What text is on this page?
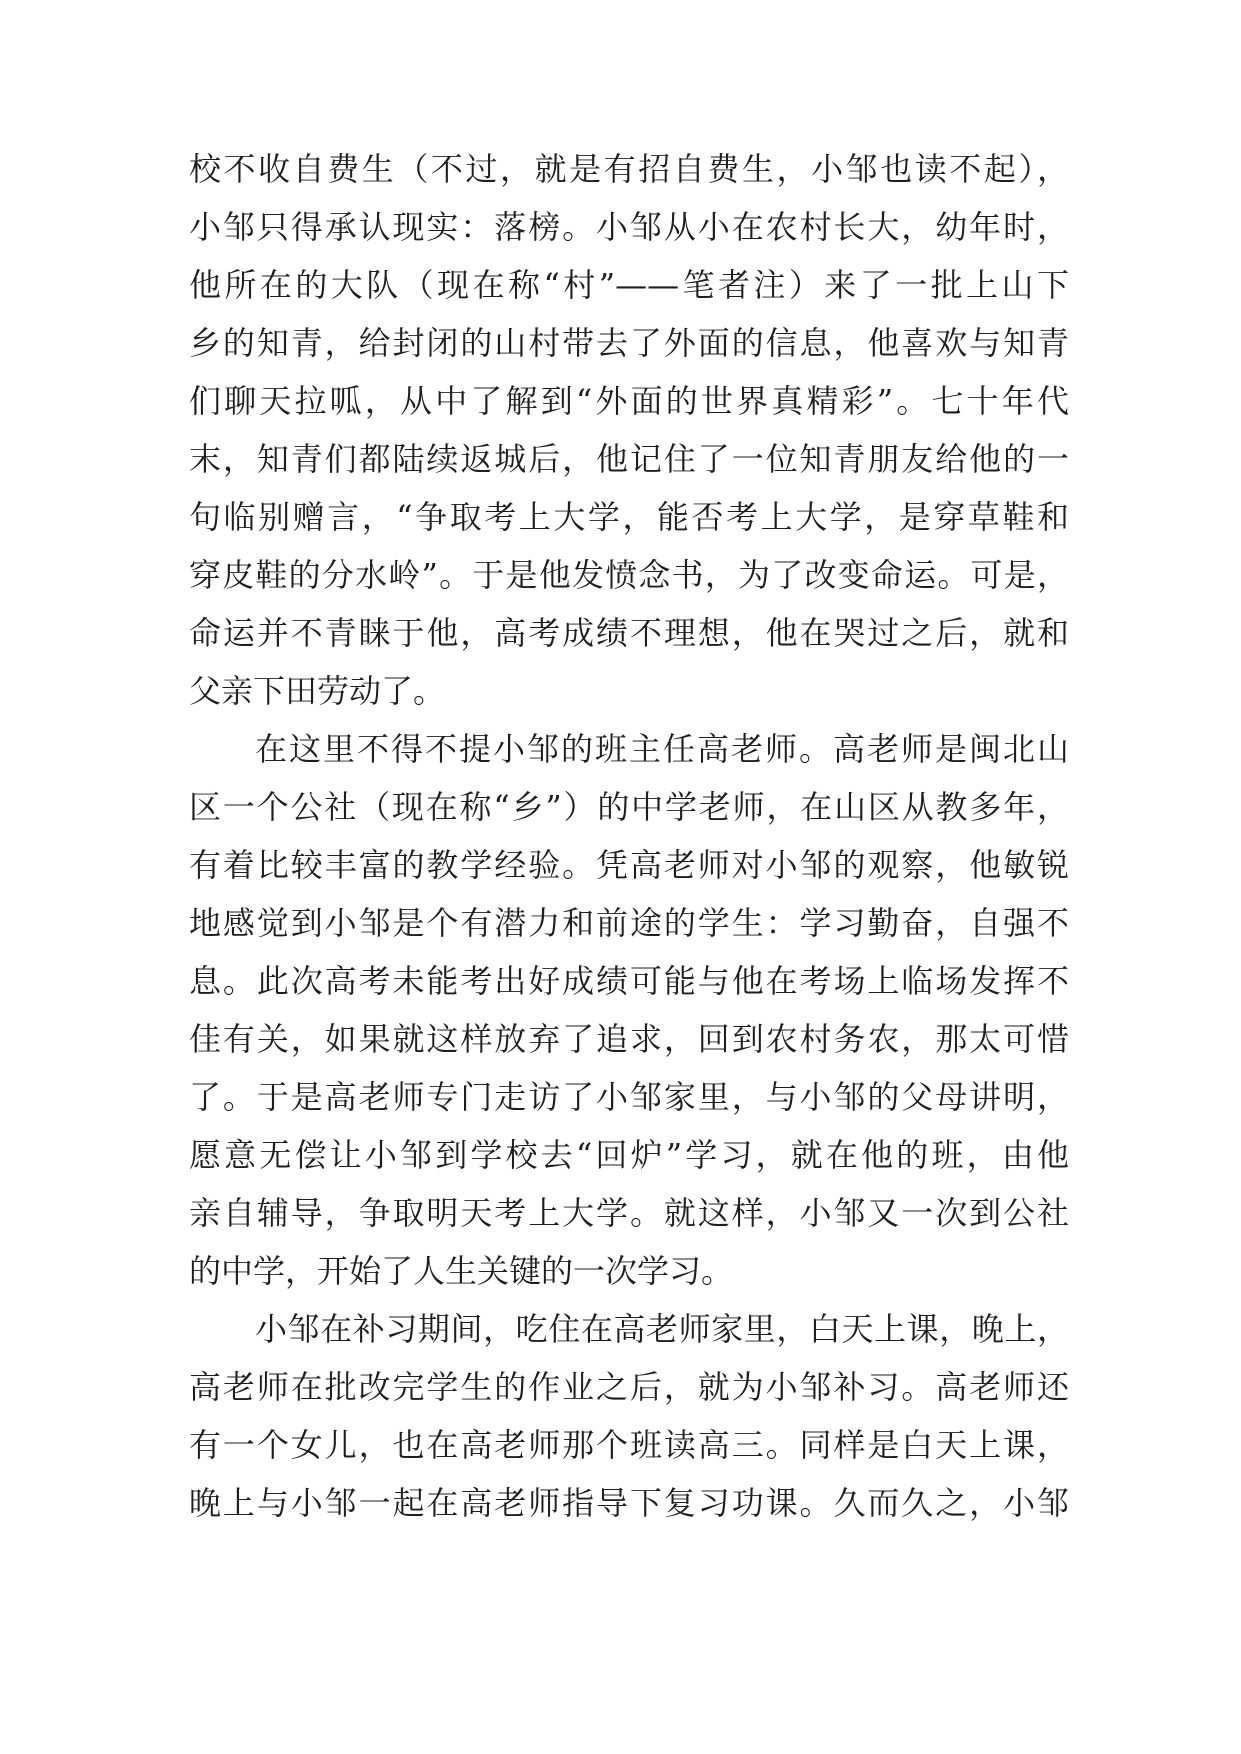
校不收自费生（不过，就是有招自费生，小邹也读不起），
小邹只得承认现实：落榜。小邹从小在农村长大，幼年时，
他所在的大队（现在称“村”——笔者注）来了一批上山下
乡的知青，给封闭的山村带去了外面的信息，他喜欢与知青
们聊天拉呱，从中了解到“外面的世界真精彩”。七十年代
末，知青们都陆续返城后，他记住了一位知青朋友给他的一
句临别赠言，“争取考上大学，能否考上大学，是穿草鞋和
穿皮鞋的分水岭”。于是他发愤念书，为了改变命运。可是，
命运并不青睐于他，高考成绩不理想，他在哭过之后，就和
父亲下田劳动了。
在这里不得不提小邹的班主任高老师。高老师是闽北山
区一个公社（现在称“乡”）的中学老师，在山区从教多年，
有着比较丰富的教学经验。凭高老师对小邹的观察，他敏锐
地感觉到小邹是个有潜力和前途的学生：学习勤奋，自强不
息。此次高考未能考出好成绩可能与他在考场上临场发挥不
佳有关，如果就这样放弃了追求，回到农村务农，那太可惜
了。于是高老师专门走访了小邹家里，与小邹的父母讲明，
愿意无偿让小邹到学校去“回炉”学习，就在他的班，由他
亲自辅导，争取明天考上大学。就这样，小邹又一次到公社
的中学，开始了人生关键的一次学习。
小邹在补习期间，吃住在高老师家里，白天上课，晚上，
高老师在批改完学生的作业之后，就为小邹补习。高老师还
有一个女儿，也在高老师那个班读高三。同样是白天上课，
晚上与小邹一起在高老师指导下复习功课。久而久之，小邹
